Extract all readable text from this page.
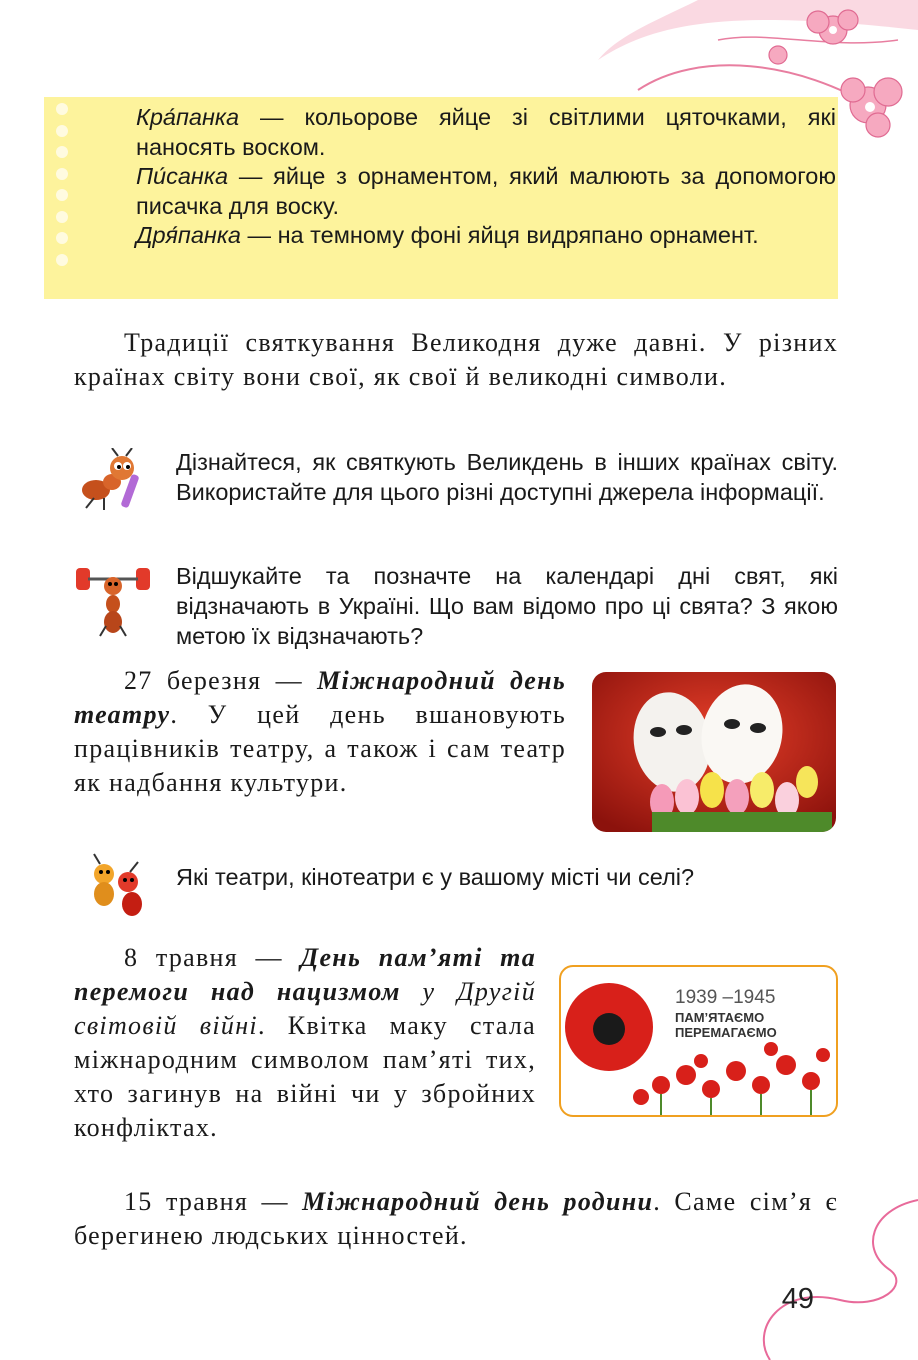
Кра́панка — кольорове яйце зі світлими цяточками, які наносять воском.
Пи́санка — яйце з орнаментом, який малюють за допомогою писачка для воску.
Дря́панка — на темному фоні яйця видряпано орнамент.

Традиції святкування Великодня дуже давні. У різних країнах світу вони свої, як свої й великодні символи.

Дізнайтеся, як святкують Великдень в інших країнах світу. Використайте для цього різні доступні джерела інформації.

Відшукайте та позначте на календарі дні свят, які відзначають в Україні. Що вам відомо про ці свята? З якою метою їх відзначають?

27 березня — Міжнародний день театру. У цей день вшановують працівників театру, а також і сам театр як надбання культури.

Які театри, кінотеатри є у вашому місті чи селі?

8 травня — День пам’яті та перемоги над нацизмом у Другій світовій війні. Квітка маку стала міжнародним символом пам’яті тих, хто загинув на війні чи у збройних конфліктах.

1939 –1945
ПАМ’ЯТАЄМО
ПЕРЕМАГАЄМО

15 травня — Міжнародний день родини. Саме сім’я є берегинею людських цінностей.

49
